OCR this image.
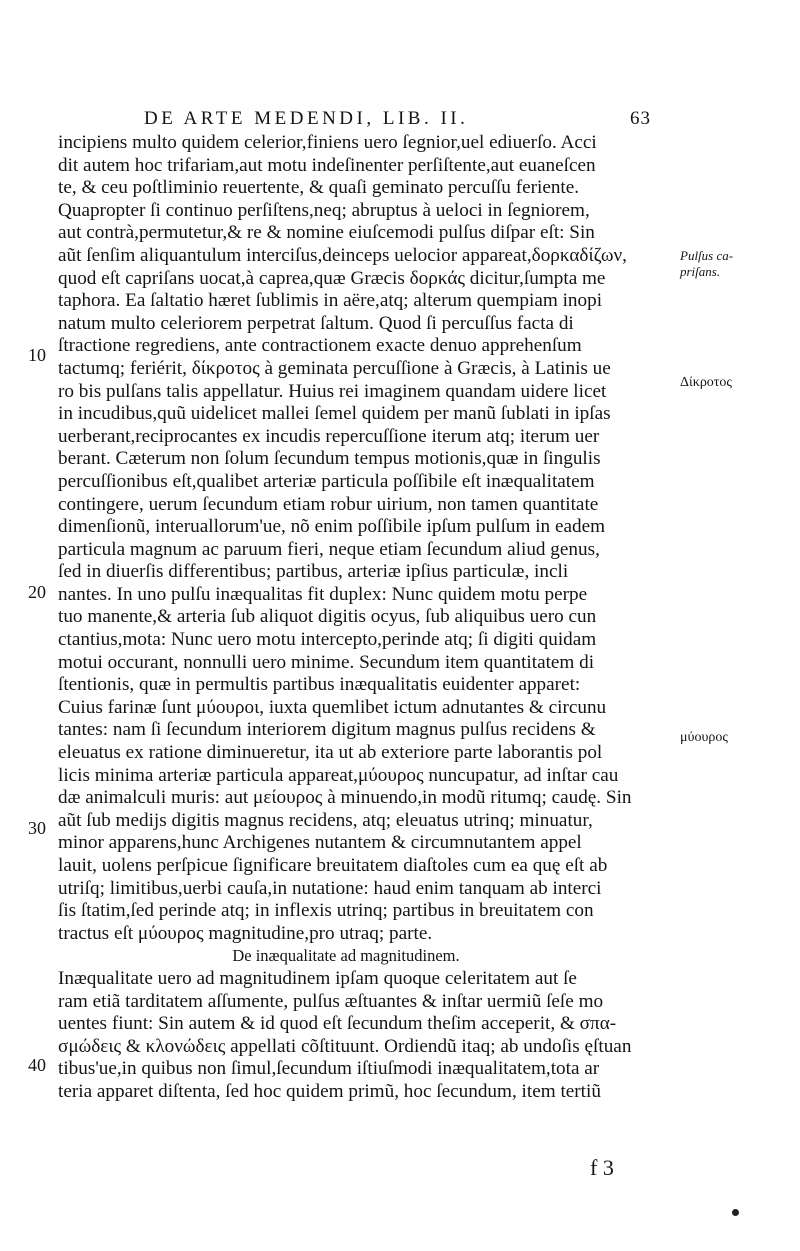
DE ARTE MEDENDI, LIB. II.	63
incipiens multo quidem celerior,finiens uero ſegnior,uel ediuerſo. Acci
dit autem hoc trifariam,aut motu indeſinenter perſiſtente,aut euaneſcen
te, & ceu poſtliminio reuertente, & quaſi geminato percuſſu feriente.
Quapropter ſi continuo perſiſtens,neq; abruptus à ueloci in ſegniorem,
aut contrà,permutetur,& re & nomine eiuſcemodi pulſus diſpar eſt: Sin
aũt ſenſim aliquantulum interciſus,deinceps uelocior appareat,δορκαδίζων,
quod eſt capriſans uocat,à caprea,quæ Græcis δορκάς dicitur,ſumpta me
taphora. Ea ſaltatio hæret ſublimis in aëre,atq; alterum quempiam inopi
natum multo celeriorem perpetrat ſaltum. Quod ſi percuſſus facta di
ſtractione regrediens, ante contractionem exacte denuo apprehenſum
tactumq; feriérit, δίκροτος à geminata percuſſione à Græcis, à Latinis ue
ro bis pulſans talis appellatur. Huius rei imaginem quandam uidere licet
in incudibus,quũ uidelicet mallei ſemel quidem per manũ ſublati in ipſas
uerberant,reciprocantes ex incudis repercuſſione iterum atq; iterum uer
berant. Cæterum non ſolum ſecundum tempus motionis,quæ in ſingulis
percuſſionibus eſt,qualibet arteriæ particula poſſibile eſt inæqualitatem
contingere, uerum ſecundum etiam robur uirium, non tamen quantitate
dimenſionũ, interuallorum'ue, nõ enim poſſibile ipſum pulſum in eadem
particula magnum ac paruum fieri, neque etiam ſecundum aliud genus,
ſed in diuerſis differentibus; partibus, arteriæ ipſius particulæ, incli
nantes. In uno pulſu inæqualitas fit duplex: Nunc quidem motu perpe
tuo manente,& arteria ſub aliquot digitis ocyus, ſub aliquibus uero cun
ctantius,mota: Nunc uero motu intercepto,perinde atq; ſi digiti quidam
motui occurant, nonnulli uero minime. Secundum item quantitatem di
ſtentionis, quæ in permultis partibus inæqualitatis euidenter apparet:
Cuius farinæ ſunt μύουροι, iuxta quemlibet ictum adnutantes & circunu
tantes: nam ſi ſecundum interiorem digitum magnus pulſus recidens &
eleuatus ex ratione diminueretur, ita ut ab exteriore parte laborantis pol
licis minima arteriæ particula appareat,μύουρος nuncupatur, ad inſtar cau
dæ animalculi muris: aut μείουρος à minuendo,in modũ ritumq; caudę. Sin
aũt ſub medijs digitis magnus recidens, atq; eleuatus utrinq; minuatur,
minor apparens,hunc Archigenes nutantem & circumnutantem appel
lauit, uolens perſpicue ſignificare breuitatem diaſtoles cum ea quę eſt ab
utriſq; limitibus,uerbi cauſa,in nutatione: haud enim tanquam ab interci
ſis ſtatim,ſed perinde atq; in inflexis utrinq; partibus in breuitatem con
tractus eſt μύουρος magnitudine,pro utraq; parte.
De inæqualitate ad magnitudinem.
Inæqualitate uero ad magnitudinem ipſam quoque celeritatem aut ſe
ram etiã tarditatem aſſumente, pulſus æſtuantes & inſtar uermiũ ſeſe mo
uentes fiunt: Sin autem & id quod eſt ſecundum theſim acceperit, & σπα-
σμώδεις & κλονώδεις appellati cõſtituunt. Ordiendũ itaq; ab undoſis ęſtuan
tibus'ue,in quibus non ſimul,ſecundum iſtiuſmodi inæqualitatem,tota ar
teria apparet diſtenta, ſed hoc quidem primũ, hoc ſecundum, item tertiũ
10
20
30
40
Pulſus ca-
priſans.
Δίκροτος
μύουρος
f 3
